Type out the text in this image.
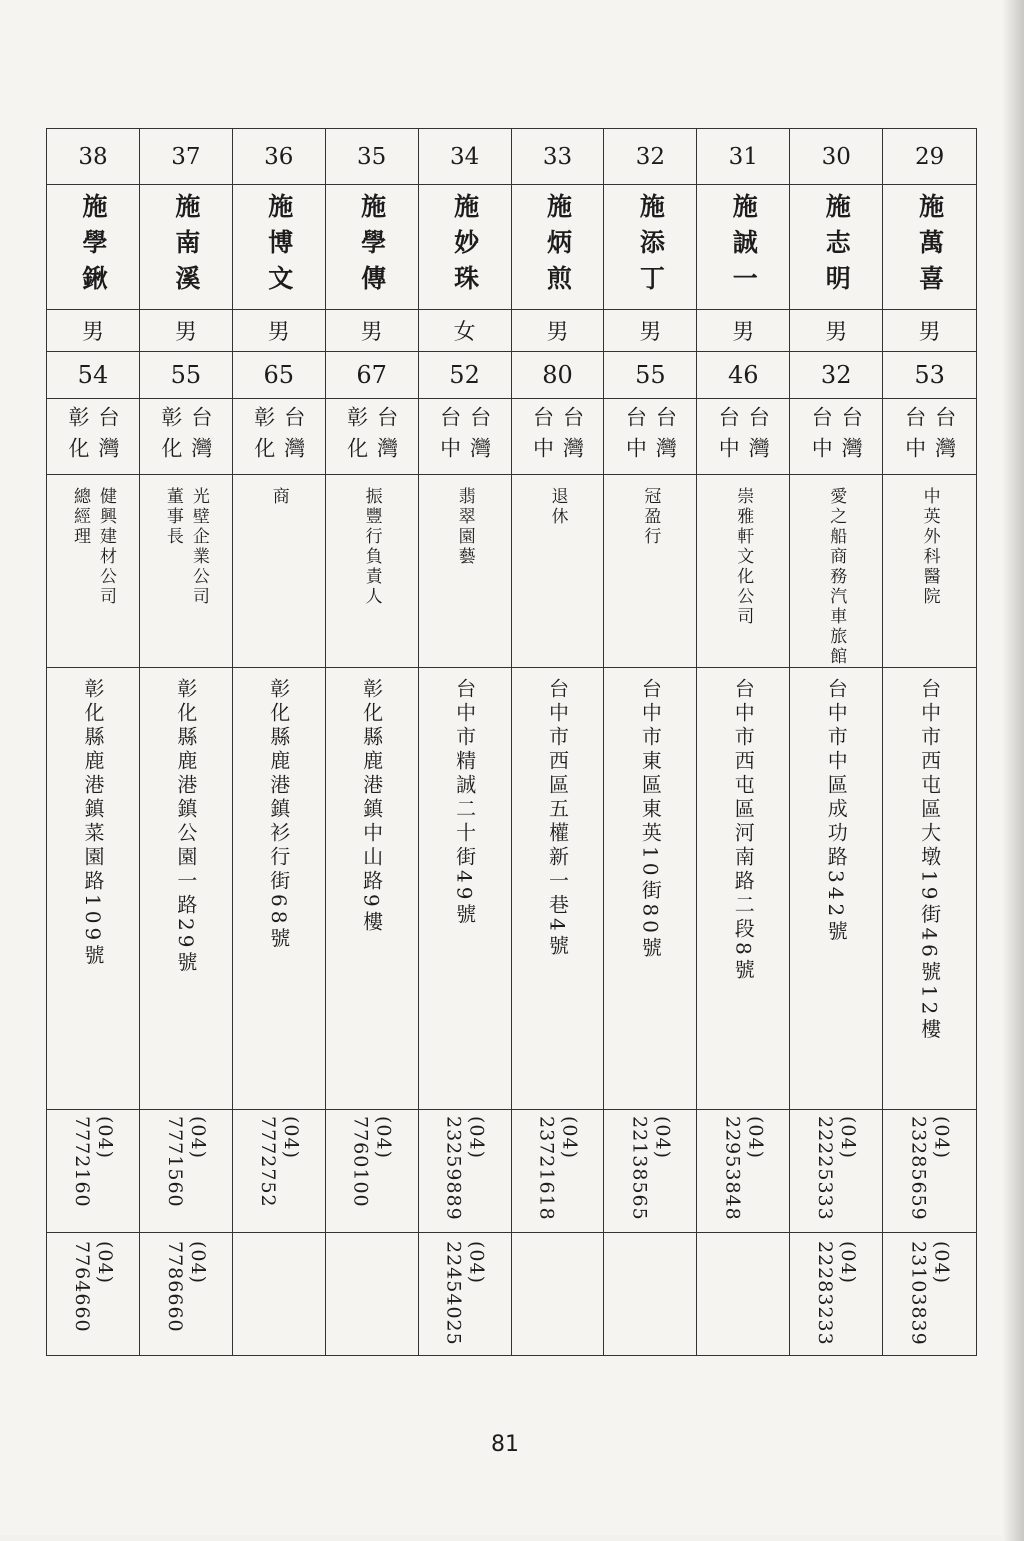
38
施學鍬
男
54
台灣
彰化
健興建材公司
總經理
彰化縣鹿港鎮菜園路109號
(04)
7772160
(04)
7764660
37
施南溪
男
55
台灣
彰化
光壁企業公司
董事長
彰化縣鹿港鎮公園一路29號
(04)
7771560
(04)
7786660
36
施博文
男
65
台灣
彰化
商
彰化縣鹿港鎮衫行街68號
(04)
7772752
35
施學傳
男
67
台灣
彰化
振豐行負責人
彰化縣鹿港鎮中山路9樓
(04)
7760100
34
施妙珠
女
52
台灣
台中
翡翠園藝
台中市精誠二十街49號
(04)
23259889
(04)
22454025
33
施炳煎
男
80
台灣
台中
退休
台中市西區五權新一巷4號
(04)
23721618
32
施添丁
男
55
台灣
台中
冠盈行
台中市東區東英10街80號
(04)
22138565
31
施誠一
男
46
台灣
台中
崇雅軒文化公司
台中市西屯區河南路二段8號
(04)
22953848
30
施志明
男
32
台灣
台中
愛之船商務汽車旅館
台中市中區成功路342號
(04)
22225333
(04)
22283233
29
施萬喜
男
53
台灣
台中
中英外科醫院
台中市西屯區大墩19街46號12樓
(04)
23285659
(04)
23103839
81
